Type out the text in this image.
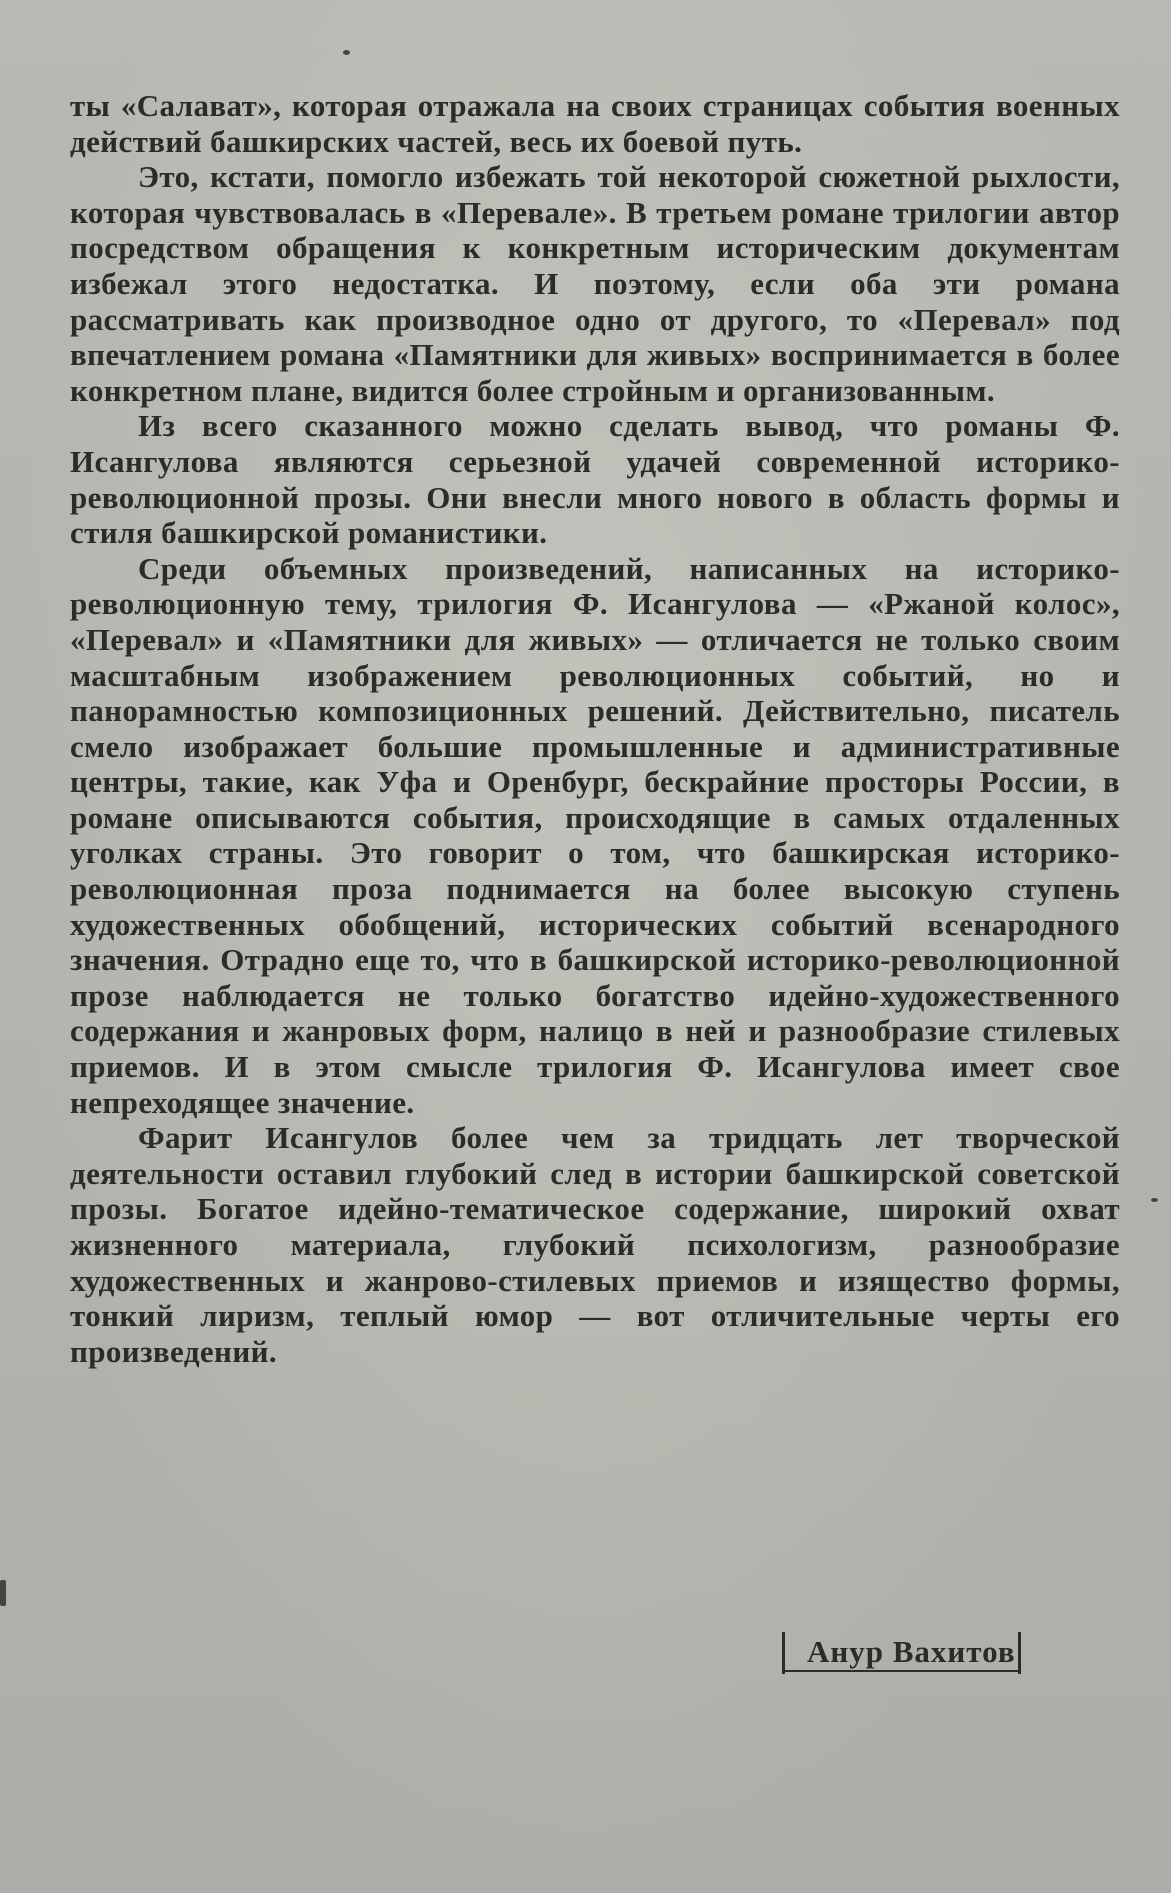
ты «Салават», которая отражала на своих страницах события военных действий башкирских частей, весь их боевой путь.

Это, кстати, помогло избежать той некоторой сюжетной рыхлости, которая чувствовалась в «Перевале». В третьем романе трилогии автор посредством обращения к конкретным историческим документам избежал этого недостатка. И поэтому, если оба эти романа рассматривать как производное одно от другого, то «Перевал» под впечатлением романа «Памятники для живых» воспринимается в более конкретном плане, видится более стройным и организованным.

Из всего сказанного можно сделать вывод, что романы Ф. Исангулова являются серьезной удачей современной историко-революционной прозы. Они внесли много нового в область формы и стиля башкирской романистики.

Среди объемных произведений, написанных на историко-революционную тему, трилогия Ф. Исангулова — «Ржаной колос», «Перевал» и «Памятники для живых» — отличается не только своим масштабным изображением революционных событий, но и панорамностью композиционных решений. Действительно, писатель смело изображает большие промышленные и административные центры, такие, как Уфа и Оренбург, бескрайние просторы России, в романе описываются события, происходящие в самых отдаленных уголках страны. Это говорит о том, что башкирская историко-революционная проза поднимается на более высокую ступень художественных обобщений, исторических событий всенародного значения. Отрадно еще то, что в башкирской историко-революционной прозе наблюдается не только богатство идейно-художественного содержания и жанровых форм, налицо в ней и разнообразие стилевых приемов. И в этом смысле трилогия Ф. Исангулова имеет свое непреходящее значение.

Фарит Исангулов более чем за тридцать лет творческой деятельности оставил глубокий след в истории башкирской советской прозы. Богатое идейно-тематическое содержание, широкий охват жизненного материала, глубокий психологизм, разнообразие художественных и жанрово-стилевых приемов и изящество формы, тонкий лиризм, теплый юмор — вот отличительные черты его произведений.

Анур Вахитов
